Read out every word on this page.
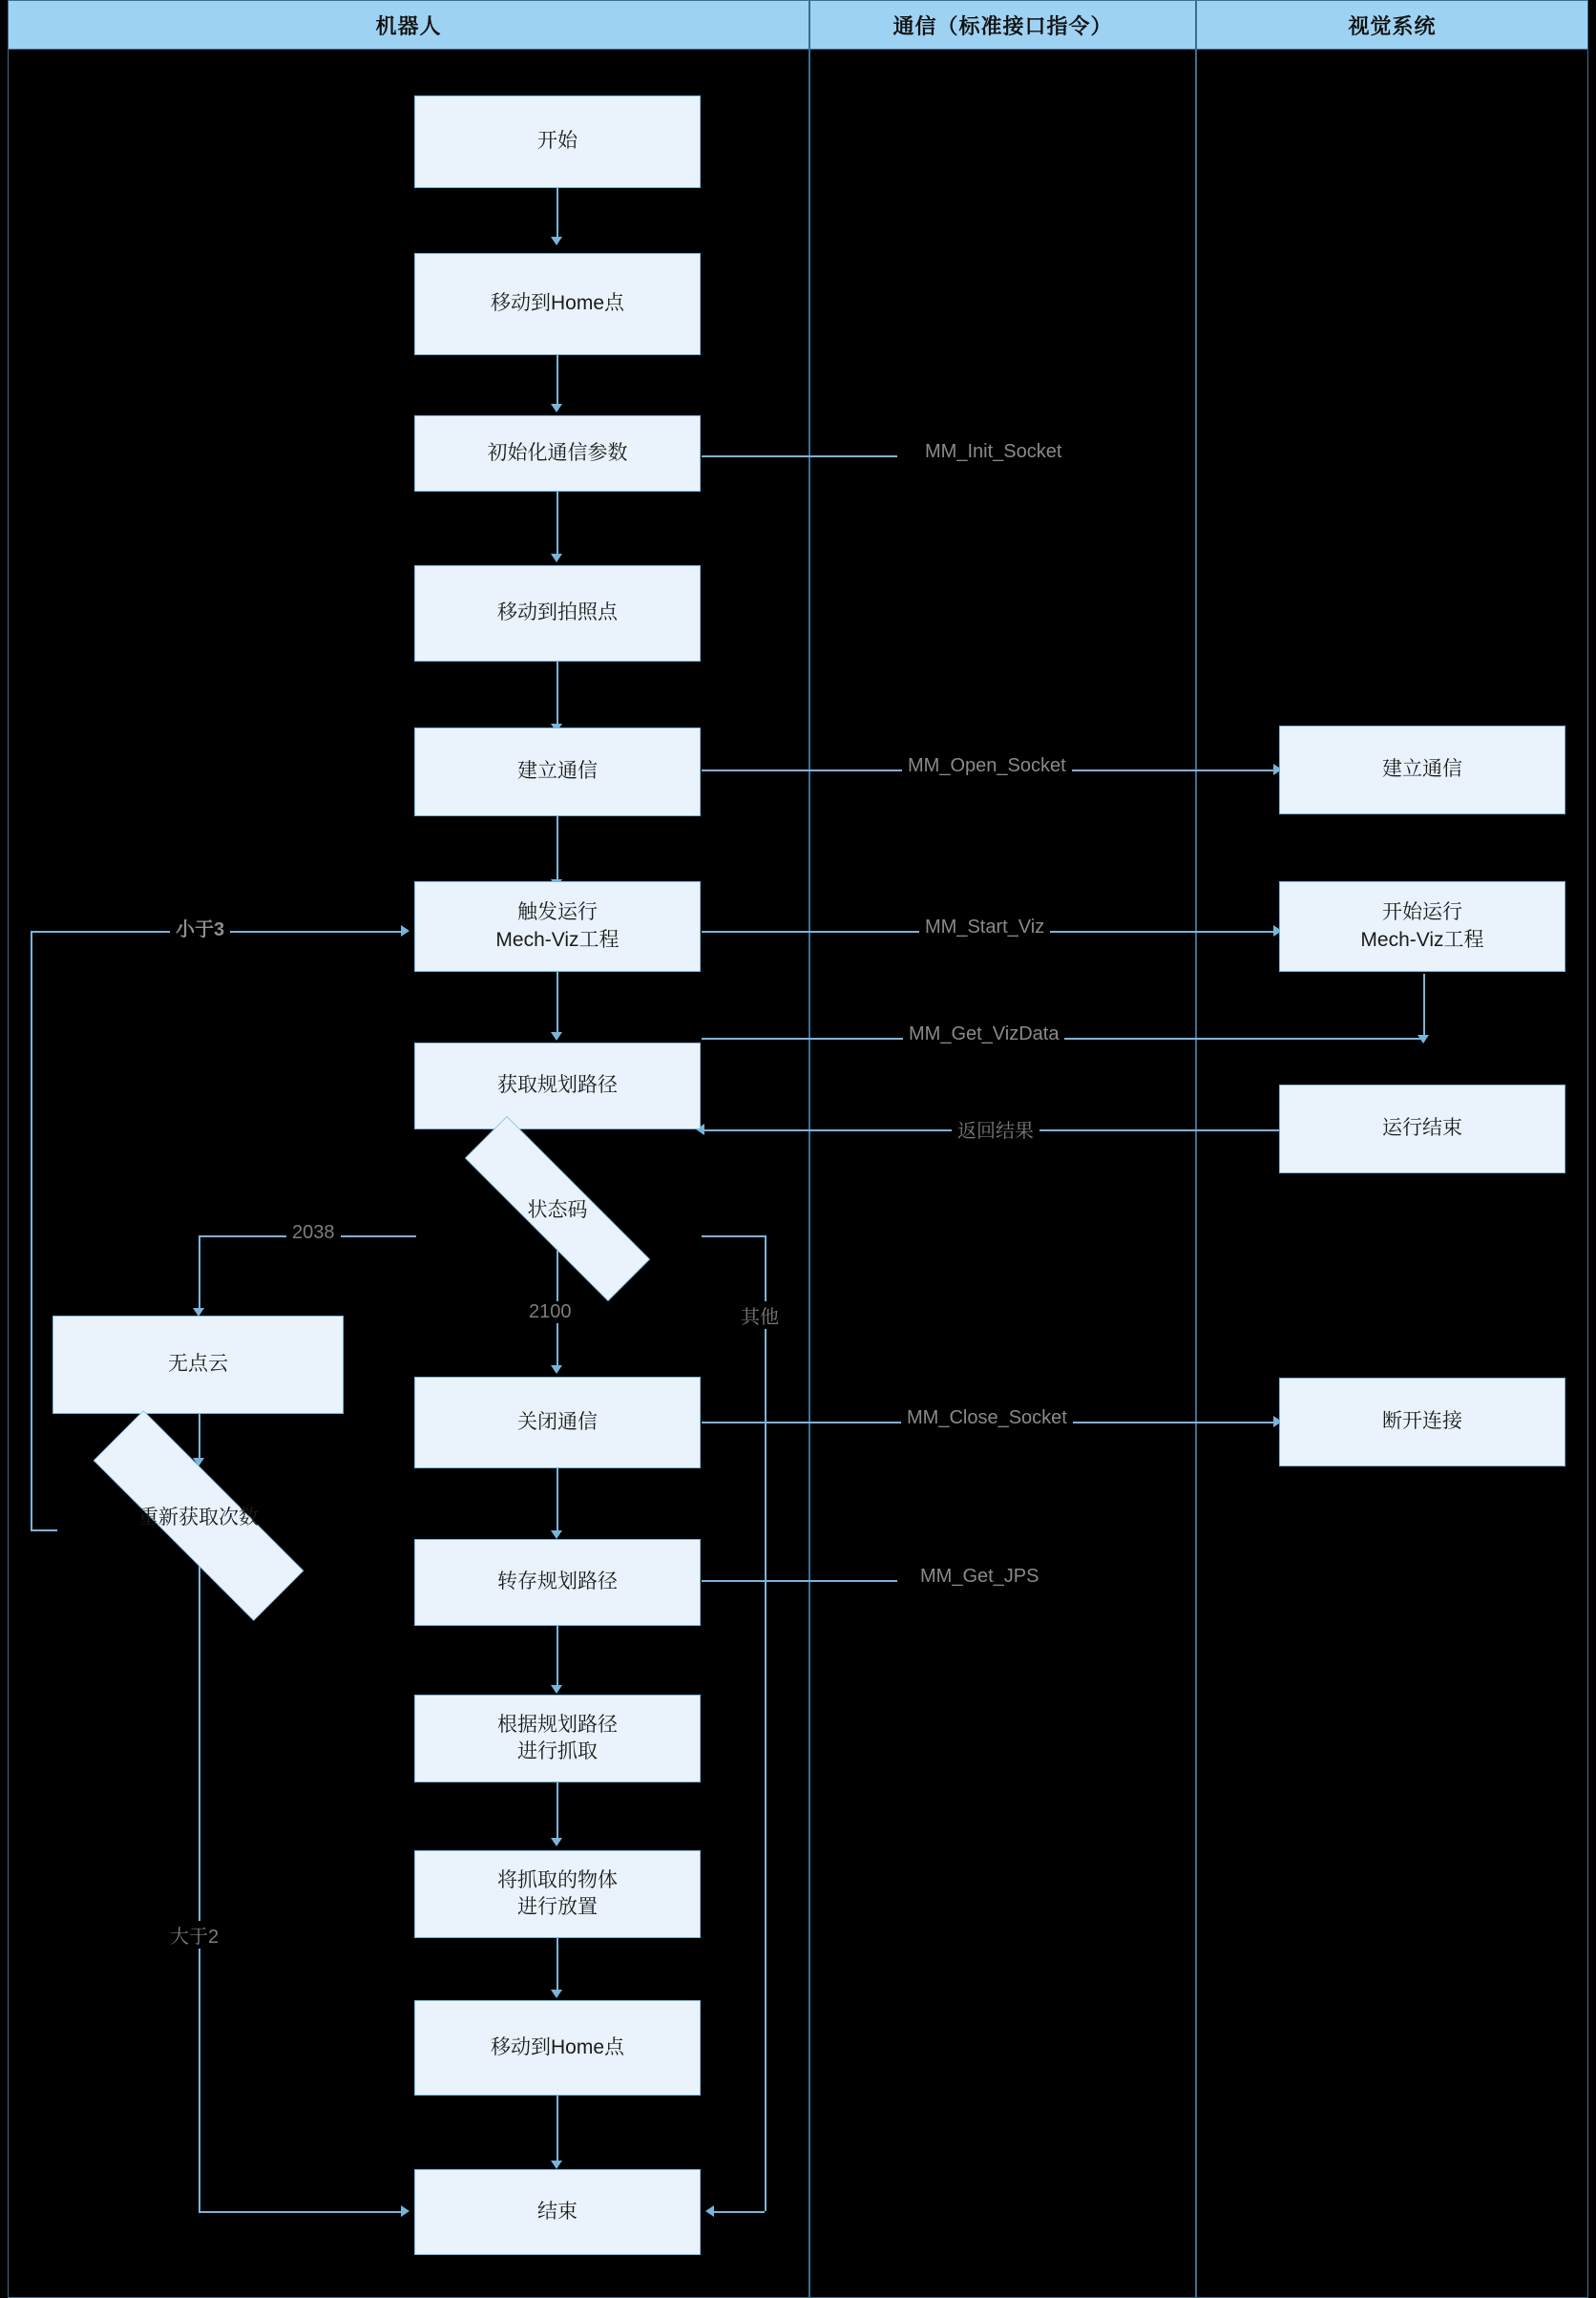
机器人	通信（标准接口指令）	视觉系统
开始
移动到Home点
初始化通信参数
移动到拍照点
建立通信
触发运行
Mech-Viz工程
获取规划路径
状态码
无点云
重新获取次数
关闭通信
转存规划路径
根据规划路径
进行抓取
将抓取的物体
进行放置
移动到Home点
结束
建立通信
开始运行
Mech-Viz工程
运行结束
断开连接
MM_Init_Socket
MM_Open_Socket
MM_Start_Viz
MM_Get_VizData
返回结果
MM_Close_Socket
MM_Get_JPS
2038
2100	其他
小于3
大于2
